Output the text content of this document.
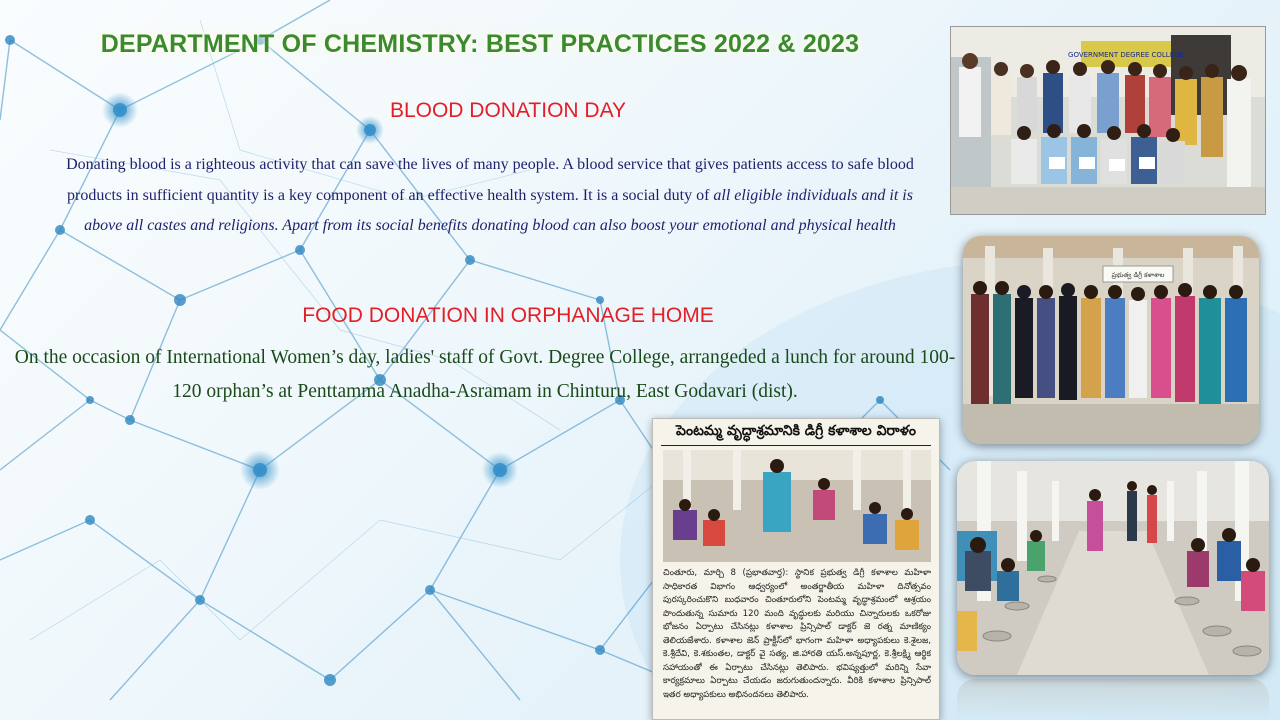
DEPARTMENT OF CHEMISTRY: BEST PRACTICES 2022 & 2023
BLOOD DONATION DAY
Donating blood is a righteous activity that can save the lives of many people. A blood service that gives patients access to safe blood products in sufficient quantity is a key component of an effective health system. It is a social duty of all eligible individuals and it is above all castes and religions. Apart from its social benefits donating blood can also boost your emotional and physical health
FOOD DONATION IN ORPHANAGE HOME
On the occasion of International Women’s day, ladies' staff of Govt. Degree College, arrangeded a lunch for around 100-120 orphan’s at Penttamma Anadha-Asramam in Chinturu, East Godavari (dist).
GOVERNMENT DEGREE COLLEGE
ప్రభుత్వ డిగ్రీ కళాశాల
పెంటమ్మ వృద్ధాశ్రమానికి డిగ్రీ కళాశాల విరాళం
చింతూరు, మార్చి 8 (ప్రభాతవార్త): స్థానిక ప్రభుత్వ డిగ్రీ కళాశాల మహిళా సాధికారత విభాగం ఆధ్వర్యంలో అంతర్జాతీయ మహిళా దినోత్సవం పురస్కరించుకొని బుధవారం చింతూరులోని పెంటమ్మ వృద్ధాశ్రమంలో ఆశ్రయం పొందుతున్న సుమారు 120 మంది వృద్ధులకు మరియు చిన్నారులకు ఒకరోజు భోజనం ఏర్పాటు చేసినట్లు కళాశాల ప్రిన్సిపాల్ డాక్టర్ జె రత్న మాణిక్యం తెలియజేశారు. కళాశాల జెన్ ప్రాక్టీస్‌లో భాగంగా మహిళా అధ్యాపకులు కె.శైలజ, కె.శ్రీదేవి, కె.శకుంతల, డాక్టర్ వై సత్య, జి.హారతి యస్.అన్నపూర్ణ, కె.శ్రీలక్ష్మి ఆర్థిక సహాయంతో ఈ ఏర్పాటు చేసినట్లు తెలిపారు. భవిష్యత్తులో మరిన్ని సేవా కార్యక్రమాలు ఏర్పాటు చేయడం జరుగుతుందన్నారు. వీరికి కళాశాల ప్రిన్సిపాల్ ఇతర అధ్యాపకులు అభినందనలు తెలిపారు.
